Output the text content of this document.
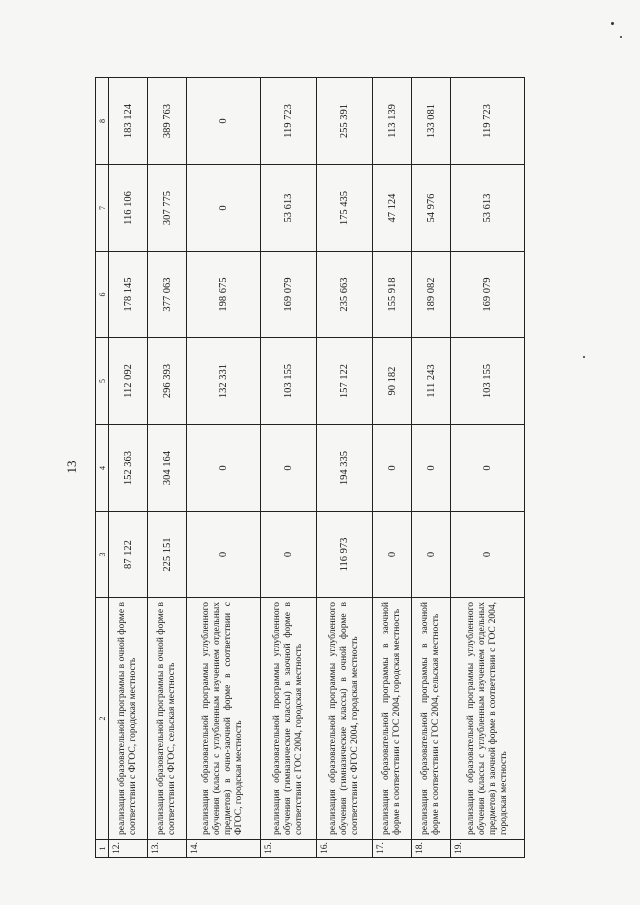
13
1	2	3	4	5	6	7	8
12.	реализация образовательной программы в очной форме в соответствии с ФГОС, городская местность	87 122	152 363	112 092	178 145	116 106	183 124
13.	реализация образовательной программы в очной форме в соответствии с ФГОС, сельская местность	225 151	304 164	296 393	377 063	307 775	389 763
14.	реализация образовательной программы углубленного обучения (классы с углубленным изучением отдельных предметов) в очно-заочной форме в соответствии с ФГОС, городская местность	0	0	132 331	198 675	0	0
15.	реализация образовательной программы углубленного обучения (гимназические классы) в заочной форме в соответствии с ГОС 2004, городская местность	0	0	103 155	169 079	53 613	119 723
16.	реализация образовательной программы углубленного обучения (гимназические классы) в очной форме в соответствии с ФГОС 2004, городская местность	116 973	194 335	157 122	235 663	175 435	255 391
17.	реализация образовательной программы в заочной форме в соответствии с ГОС 2004, городская местность	0	0	90 182	155 918	47 124	113 139
18.	реализация образовательной программы в заочной форме в соответствии с ГОС 2004, сельская местность	0	0	111 243	189 082	54 976	133 081
19.	реализация образовательной программы углубленного обучения (классы с углубленным изучением отдельных предметов) в заочной форме в соответствии с ГОС 2004, городская местность	0	0	103 155	169 079	53 613	119 723
